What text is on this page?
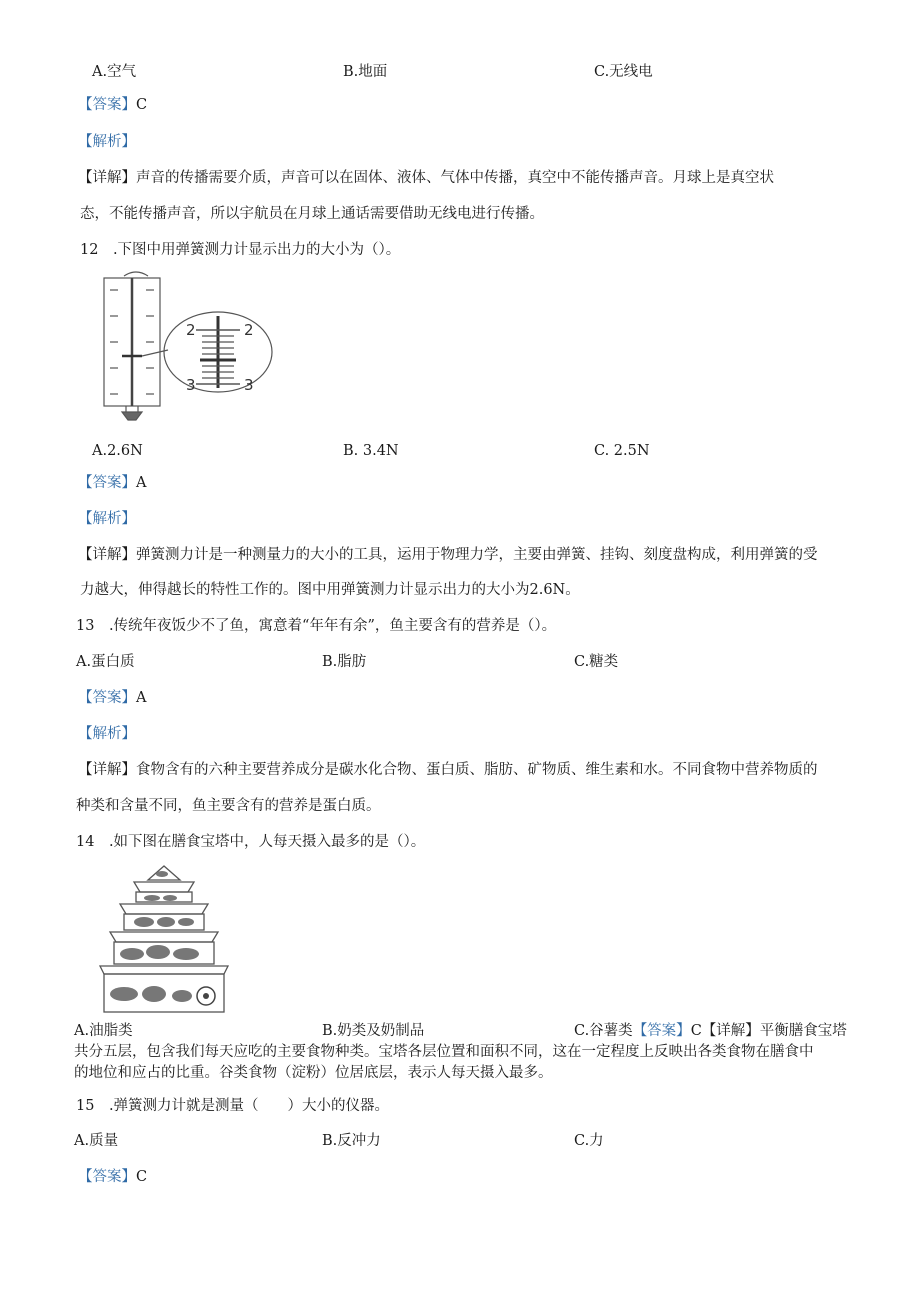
A.空气	B.地面	C.无线电
【答案】C
【解析】
【详解】声音的传播需要介质，声音可以在固体、液体、气体中传播，真空中不能传播声音。月球上是真空状
态，不能传播声音，所以宇航员在月球上通话需要借助无线电进行传播。
12　.下图中用弹簧测力计显示出力的大小为（）。
2	2
3	3
A.2.6N	B. 3.4N	C. 2.5N
【答案】A
【解析】
【详解】弹簧测力计是一种测量力的大小的工具，运用于物理力学，主要由弹簧、挂钩、刻度盘构成，利用弹簧的受
力越大，伸得越长的特性工作的。图中用弹簧测力计显示出力的大小为2.6N。
13　.传统年夜饭少不了鱼，寓意着“年年有余”，鱼主要含有的营养是（）。
A.蛋白质	B.脂肪	C.糖类
【答案】A
【解析】
【详解】食物含有的六种主要营养成分是碳水化合物、蛋白质、脂肪、矿物质、维生素和水。不同食物中营养物质的
种类和含量不同，鱼主要含有的营养是蛋白质。
14　.如下图在膳食宝塔中，人每天摄入最多的是（）。
A.油脂类	B.奶类及奶制品	C.谷薯类【答案】C【详解】平衡膳食宝塔
共分五层，包含我们每天应吃的主要食物种类。宝塔各层位置和面积不同，这在一定程度上反映出各类食物在膳食中
的地位和应占的比重。谷类食物（淀粉）位居底层，表示人每天摄入最多。
15　.弹簧测力计就是测量（　　）大小的仪器。
A.质量	B.反冲力	C.力
【答案】C
